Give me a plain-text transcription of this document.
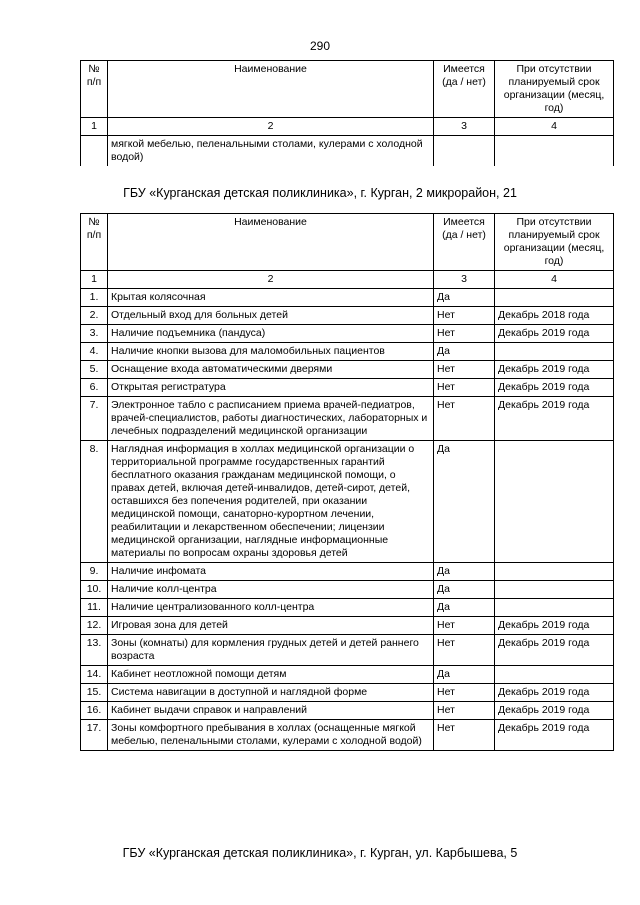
290
№ п/п	Наименование	Имеется (да / нет)	При отсутствии планируемый срок организации (месяц, год)
1	2	3	4
	мягкой мебелью, пеленальными столами, кулерами с холодной водой)		
ГБУ «Курганская детская поликлиника», г. Курган, 2 микрорайон, 21
№ п/п	Наименование	Имеется (да / нет)	При отсутствии планируемый срок организации (месяц, год)
1	2	3	4
1.	Крытая колясочная	Да	
2.	Отдельный вход для больных детей	Нет	Декабрь 2018 года
3.	Наличие подъемника (пандуса)	Нет	Декабрь 2019 года
4.	Наличие кнопки вызова для маломобильных пациентов	Да	
5.	Оснащение входа автоматическими дверями	Нет	Декабрь 2019 года
6.	Открытая регистратура	Нет	Декабрь 2019 года
7.	Электронное табло с расписанием приема врачей-педиатров, врачей-специалистов, работы диагностических, лабораторных и лечебных подразделений медицинской организации	Нет	Декабрь 2019 года
8.	Наглядная информация в холлах медицинской организации о территориальной программе государственных гарантий бесплатного оказания гражданам медицинской помощи, о правах детей, включая детей-инвалидов, детей-сирот, детей, оставшихся без попечения родителей, при оказании медицинской помощи, санаторно-курортном лечении, реабилитации и лекарственном обеспечении; лицензии медицинской организации, наглядные информационные материалы по вопросам охраны здоровья детей	Да	
9.	Наличие инфомата	Да	
10.	Наличие колл-центра	Да	
11.	Наличие централизованного колл-центра	Да	
12.	Игровая зона для детей	Нет	Декабрь 2019 года
13.	Зоны (комнаты) для кормления грудных детей и детей раннего возраста	Нет	Декабрь 2019 года
14.	Кабинет неотложной помощи детям	Да	
15.	Система навигации в доступной и наглядной форме	Нет	Декабрь 2019 года
16.	Кабинет выдачи справок и направлений	Нет	Декабрь 2019 года
17.	Зоны комфортного пребывания в холлах (оснащенные мягкой мебелью, пеленальными столами, кулерами с холодной водой)	Нет	Декабрь 2019 года
ГБУ «Курганская детская поликлиника», г. Курган, ул. Карбышева, 5
